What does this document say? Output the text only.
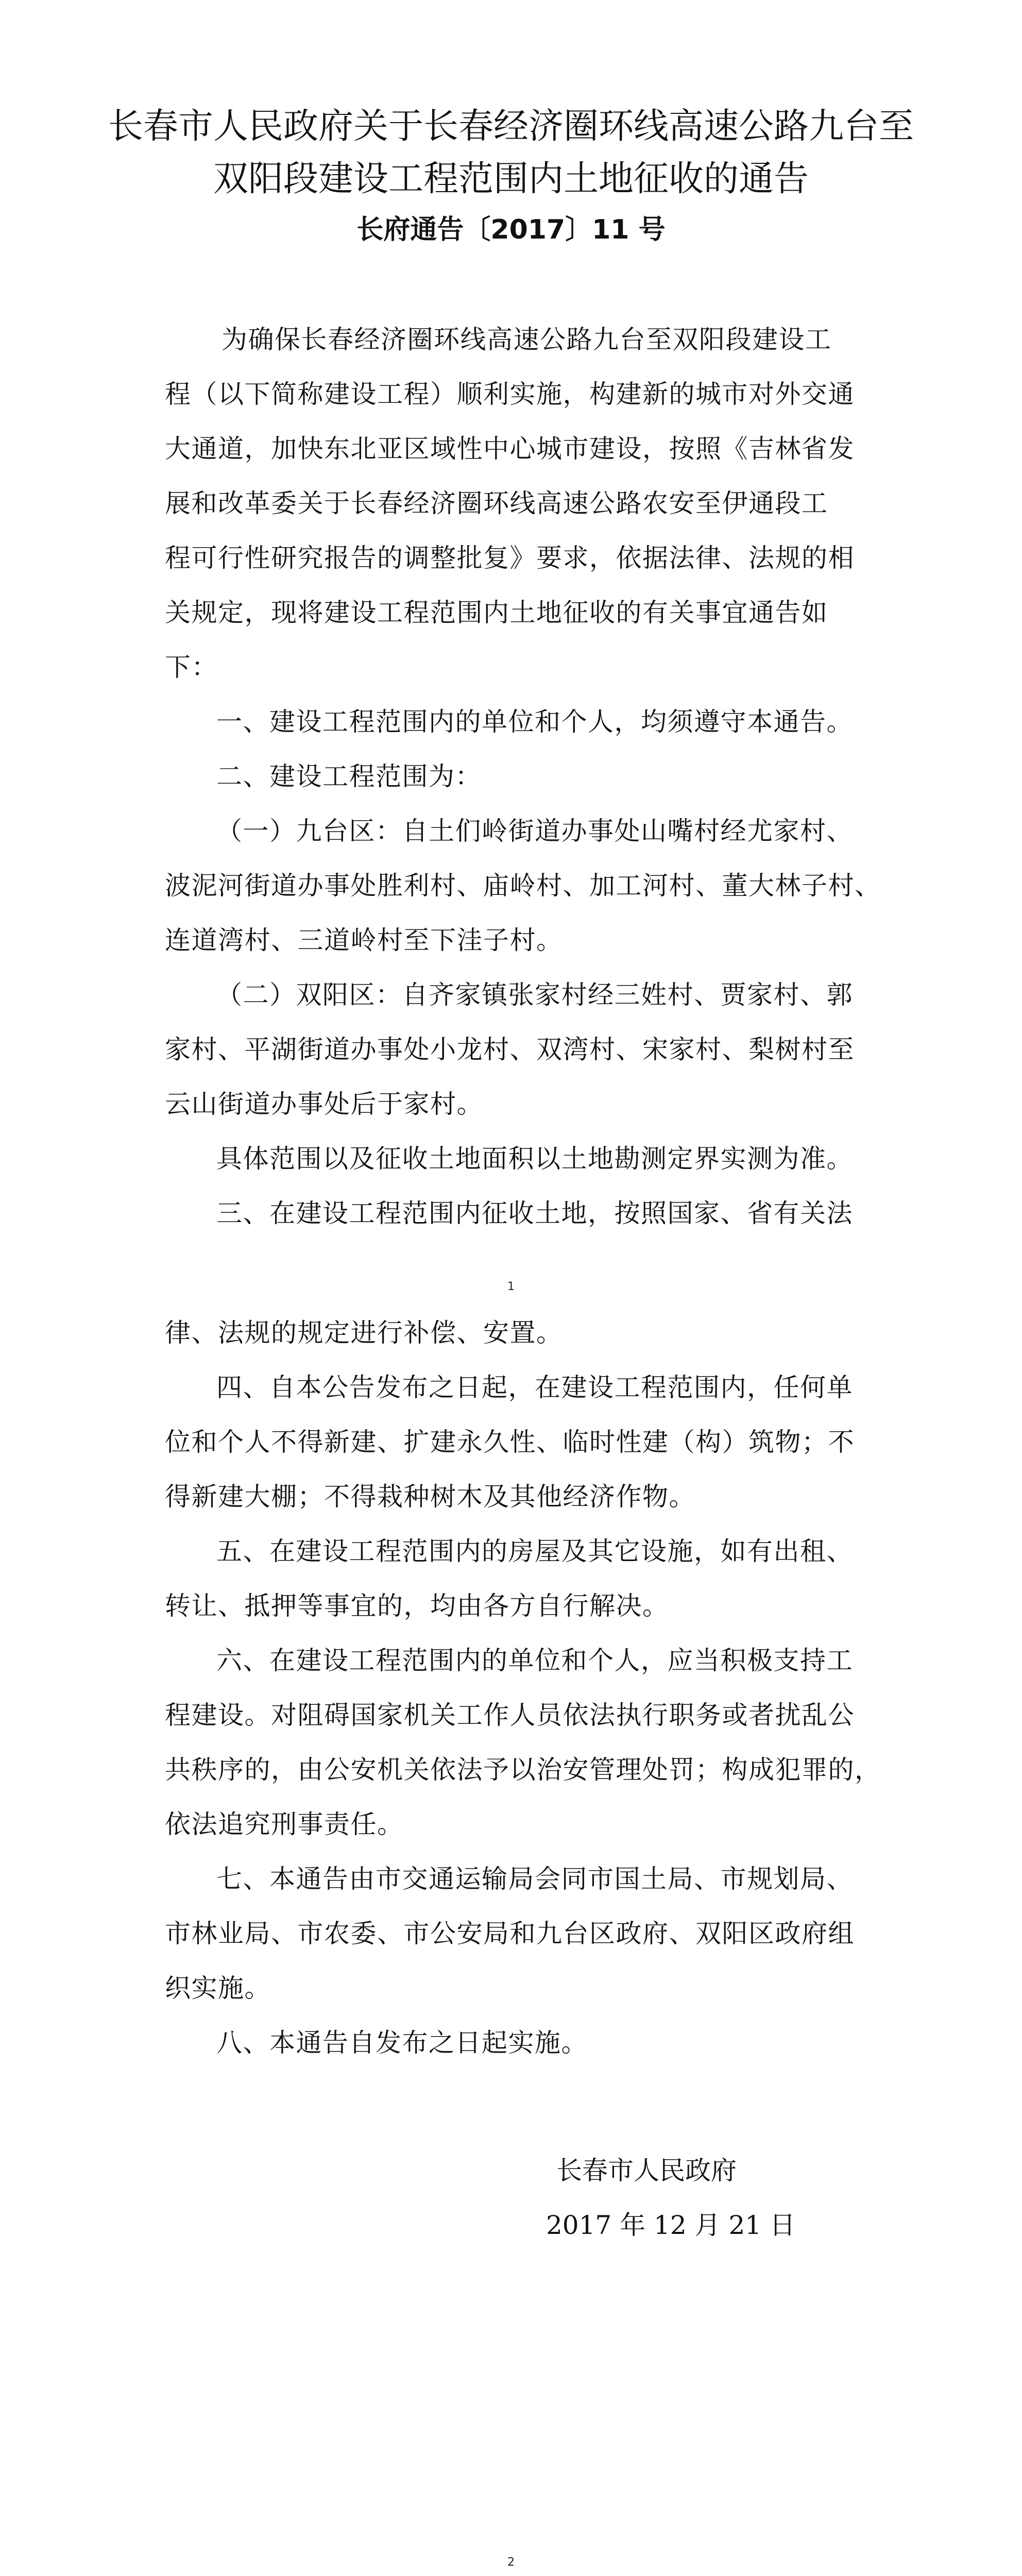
长春市人民政府关于长春经济圈环线高速公路九台至
双阳段建设工程范围内土地征收的通告
长府通告〔2017〕11 号
为确保长春经济圈环线高速公路九台至双阳段建设工
程（以下简称建设工程）顺利实施，构建新的城市对外交通
大通道，加快东北亚区域性中心城市建设，按照《吉林省发
展和改革委关于长春经济圈环线高速公路农安至伊通段工
程可行性研究报告的调整批复》要求，依据法律、法规的相
关规定，现将建设工程范围内土地征收的有关事宜通告如
下：
一、建设工程范围内的单位和个人，均须遵守本通告。
二、建设工程范围为：
（一）九台区：自土们岭街道办事处山嘴村经尤家村、
波泥河街道办事处胜利村、庙岭村、加工河村、董大林子村、
连道湾村、三道岭村至下洼子村。
（二）双阳区：自齐家镇张家村经三姓村、贾家村、郭
家村、平湖街道办事处小龙村、双湾村、宋家村、梨树村至
云山街道办事处后于家村。
具体范围以及征收土地面积以土地勘测定界实测为准。
三、在建设工程范围内征收土地，按照国家、省有关法
1
律、法规的规定进行补偿、安置。
四、自本公告发布之日起，在建设工程范围内，任何单
位和个人不得新建、扩建永久性、临时性建（构）筑物；不
得新建大棚；不得栽种树木及其他经济作物。
五、在建设工程范围内的房屋及其它设施，如有出租、
转让、抵押等事宜的，均由各方自行解决。
六、在建设工程范围内的单位和个人，应当积极支持工
程建设。对阻碍国家机关工作人员依法执行职务或者扰乱公
共秩序的，由公安机关依法予以治安管理处罚；构成犯罪的，
依法追究刑事责任。
七、本通告由市交通运输局会同市国土局、市规划局、
市林业局、市农委、市公安局和九台区政府、双阳区政府组
织实施。
八、本通告自发布之日起实施。
长春市人民政府
2017 年 12 月 21 日
2
